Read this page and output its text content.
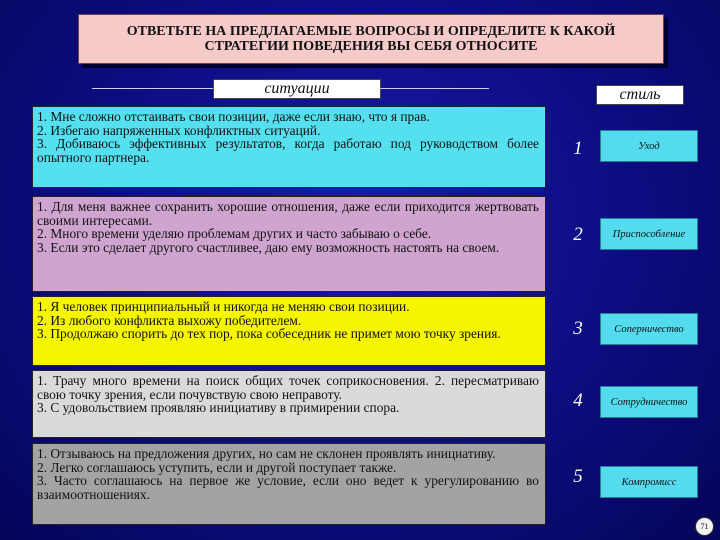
ОТВЕТЬТЕ НА ПРЕДЛАГАЕМЫЕ ВОПРОСЫ И ОПРЕДЕЛИТЕ К КАКОЙ СТРАТЕГИИ ПОВЕДЕНИЯ ВЫ СЕБЯ ОТНОСИТЕ
ситуации	стиль
1. Мне сложно отстаивать свои позиции, даже если знаю, что я прав.
2. Избегаю напряженных конфликтных ситуаций.
3. Добиваюсь эффективных результатов, когда работаю под руководством более опытного партнера.	1	Уход
1. Для меня важнее сохранить хорошие отношения, даже если приходится жертвовать своими интересами.
2. Много времени уделяю проблемам других и часто забываю о себе.
3. Если это сделает другого счастливее, даю ему возможность настоять на своем.
2	Приспособление
1. Я человек принципиальный и никогда не меняю свои позиции.
2. Из любого конфликта выхожу победителем.
3. Продолжаю спорить до тех пор, пока собеседник не примет мою точку зрения.	3	Соперничество
1. Трачу много времени на поиск общих точек соприкосновения. 2. пересматриваю свою точку зрения, если почувствую свою неправоту.
3. С удовольствием проявляю инициативу в примирении спора.	4	Сотрудничество
1. Отзываюсь на предложения других, но сам не склонен проявлять инициативу.
2. Легко соглашаюсь уступить, если и другой поступает также.
3. Часто соглашаюсь на первое же условие, если оно ведет к урегулированию во взаимоотношениях.
5	Компромисс
71
